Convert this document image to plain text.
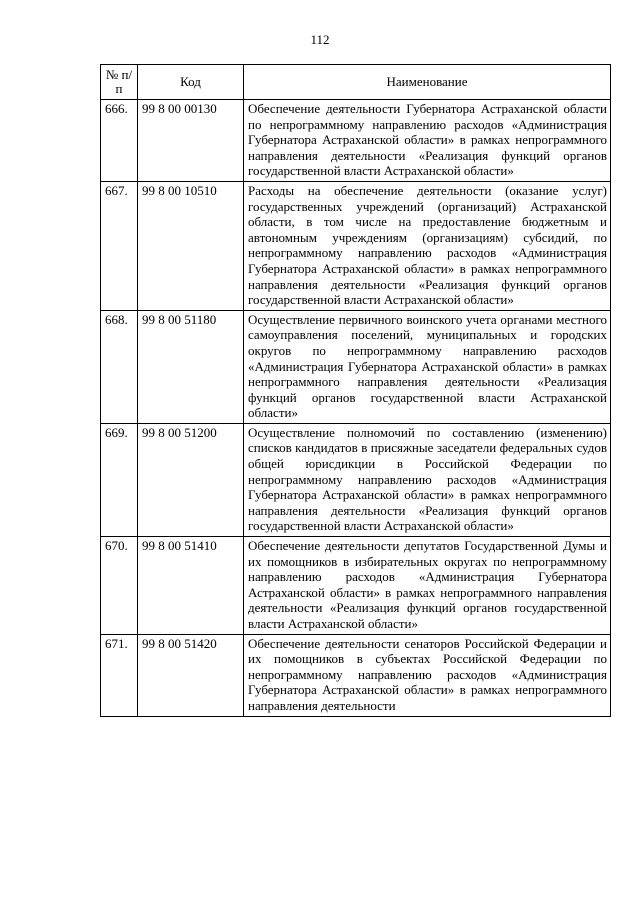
112
№ п/п	Код	Наименование
666.	99 8 00 00130	Обеспечение деятельности Губернатора Астраханской области по непрограммному направлению расходов «Администрация Губернатора Астраханской области» в рамках непрограммного направления деятельности «Реализация функций органов государственной власти Астраханской области»
667.	99 8 00 10510	Расходы на обеспечение деятельности (оказание услуг) государственных учреждений (организаций) Астраханской области, в том числе на предоставление бюджетным и автономным учреждениям (организациям) субсидий, по непрограммному направлению расходов «Администрация Губернатора Астраханской области» в рамках непрограммного направления деятельности «Реализация функций органов государственной власти Астраханской области»
668.	99 8 00 51180	Осуществление первичного воинского учета органами местного самоуправления поселений, муниципальных и городских округов по непрограммному направлению расходов «Администрация Губернатора Астраханской области» в рамках непрограммного направления деятельности «Реализация функций органов государственной власти Астраханской области»
669.	99 8 00 51200	Осуществление полномочий по составлению (изменению) списков кандидатов в присяжные заседатели федеральных судов общей юрисдикции в Российской Федерации по непрограммному направлению расходов «Администрация Губернатора Астраханской области» в рамках непрограммного направления деятельности «Реализация функций органов государственной власти Астраханской области»
670.	99 8 00 51410	Обеспечение деятельности депутатов Государственной Думы и их помощников в избирательных округах по непрограммному направлению расходов «Администрация Губернатора Астраханской области» в рамках непрограммного направления деятельности «Реализация функций органов государственной власти Астраханской области»
671.	99 8 00 51420	Обеспечение деятельности сенаторов Российской Федерации и их помощников в субъектах Российской Федерации по непрограммному направлению расходов «Администрация Губернатора Астраханской области» в рамках непрограммного направления деятельности
